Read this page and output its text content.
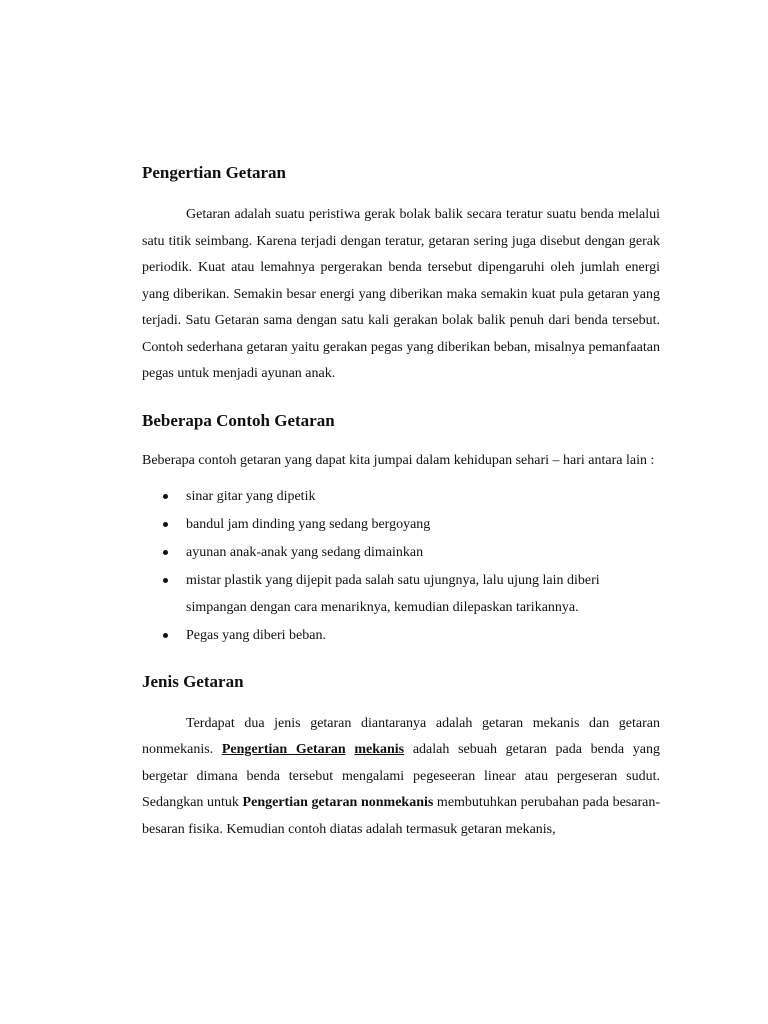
Pengertian Getaran

Getaran adalah suatu peristiwa gerak bolak balik secara teratur suatu benda melalui satu titik seimbang. Karena terjadi dengan teratur, getaran sering juga disebut dengan gerak periodik. Kuat atau lemahnya pergerakan benda tersebut dipengaruhi oleh jumlah energi yang diberikan. Semakin besar energi yang diberikan maka semakin kuat pula getaran yang terjadi. Satu Getaran sama dengan satu kali gerakan bolak balik penuh dari benda tersebut. Contoh sederhana getaran yaitu gerakan pegas yang diberikan beban, misalnya pemanfaatan pegas untuk menjadi ayunan anak.

Beberapa Contoh Getaran

Beberapa contoh getaran yang dapat kita jumpai dalam kehidupan sehari – hari antara lain :

sinar gitar yang dipetik
bandul jam dinding yang sedang bergoyang
ayunan anak-anak yang sedang dimainkan
mistar plastik yang dijepit pada salah satu ujungnya, lalu ujung lain diberi simpangan dengan cara menariknya, kemudian dilepaskan tarikannya.
Pegas yang diberi beban.
Jenis Getaran

Terdapat dua jenis getaran diantaranya adalah getaran mekanis dan getaran nonmekanis. Pengertian Getaran mekanis adalah sebuah getaran pada benda yang bergetar dimana benda tersebut mengalami pegeseeran linear atau pergeseran sudut. Sedangkan untuk Pengertian getaran nonmekanis membutuhkan perubahan pada besaran-besaran fisika. Kemudian contoh diatas adalah termasuk getaran mekanis,
